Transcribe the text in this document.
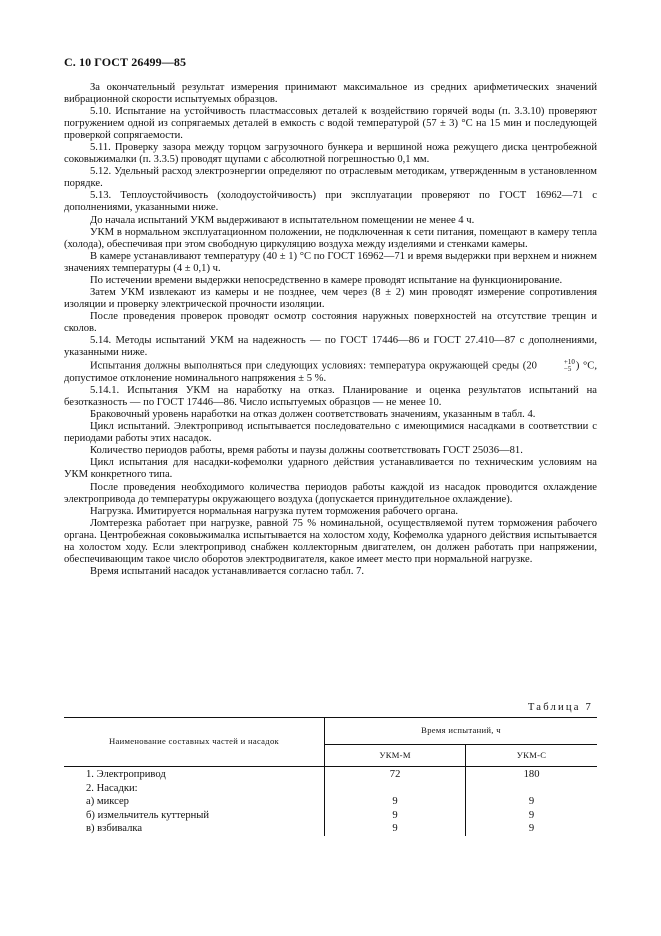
С. 10 ГОСТ 26499—85

За окончательный результат измерения принимают максимальное из средних арифметических значений вибрационной скорости испытуемых образцов.

5.10. Испытание на устойчивость пластмассовых деталей к воздействию горячей воды (п. 3.3.10) проверяют погружением одной из сопрягаемых деталей в емкость с водой температурой (57 ± 3) °С на 15 мин и последующей проверкой сопрягаемости.

5.11. Проверку зазора между торцом загрузочного бункера и вершиной ножа режущего диска центробежной соковыжималки (п. 3.3.5) проводят щупами с абсолютной погрешностью 0,1 мм.

5.12. Удельный расход электроэнергии определяют по отраслевым методикам, утвержденным в установленном порядке.

5.13. Теплоустойчивость (холодоустойчивость) при эксплуатации проверяют по ГОСТ 16962—71 с дополнениями, указанными ниже.

До начала испытаний УКМ выдерживают в испытательном помещении не менее 4 ч.

УКМ в нормальном эксплуатационном положении, не подключенная к сети питания, помещают в камеру тепла (холода), обеспечивая при этом свободную циркуляцию воздуха между изделиями и стенками камеры.

В камере устанавливают температуру (40 ± 1) °С по ГОСТ 16962—71 и время выдержки при верхнем и нижнем значениях температуры (4 ± 0,1) ч.

По истечении времени выдержки непосредственно в камере проводят испытание на функционирование.

Затем УКМ извлекают из камеры и не позднее, чем через (8 ± 2) мин проводят измерение сопротивления изоляции и проверку электрической прочности изоляции.

После проведения проверок проводят осмотр состояния наружных поверхностей на отсутствие трещин и сколов.

5.14. Методы испытаний УКМ на надежность — по ГОСТ 17446—86 и ГОСТ 27.410—87 с дополнениями, указанными ниже.

Испытания должны выполняться при следующих условиях: температура окружающей среды (20	+10
−5 ) °С, допустимое отклонение номинального напряжения ± 5 %.

5.14.1. Испытания УКМ на наработку на отказ. Планирование и оценка результатов испытаний на безотказность — по ГОСТ 17446—86. Число испытуемых образцов — не менее 10.

Браковочный уровень наработки на отказ должен соответствовать значениям, указанным в табл. 4.

Цикл испытаний. Электропривод испытывается последовательно с имеющимися насадками в соответствии с периодами работы этих насадок.

Количество периодов работы, время работы и паузы должны соответствовать ГОСТ 25036—81.

Цикл испытания для насадки-кофемолки ударного действия устанавливается по техническим условиям на УКМ конкретного типа.

После проведения необходимого количества периодов работы каждой из насадок проводится охлаждение электропривода до температуры окружающего воздуха (допускается принудительное охлаждение).

Нагрузка. Имитируется нормальная нагрузка путем торможения рабочего органа.

Ломтерезка работает при нагрузке, равной 75 % номинальной, осуществляемой путем торможения рабочего органа. Центробежная соковыжималка испытывается на холостом ходу, Кофемолка ударного действия испытывается на холостом ходу. Если электропривод снабжен коллекторным двигателем, он должен работать при напряжении, обеспечивающим такое число оборотов электродвигателя, какое имеет место при нормальной нагрузке.

Время испытаний насадок устанавливается согласно табл. 7.

Таблица 7
Наименование составных частей и насадок	Время испытаний, ч	
	УКМ-М	УКМ-С
1. Электропривод	72	180
2. Насадки:		
а) миксер	9	9
б) измельчитель куттерный	9	9
в) взбивалка	9	9
